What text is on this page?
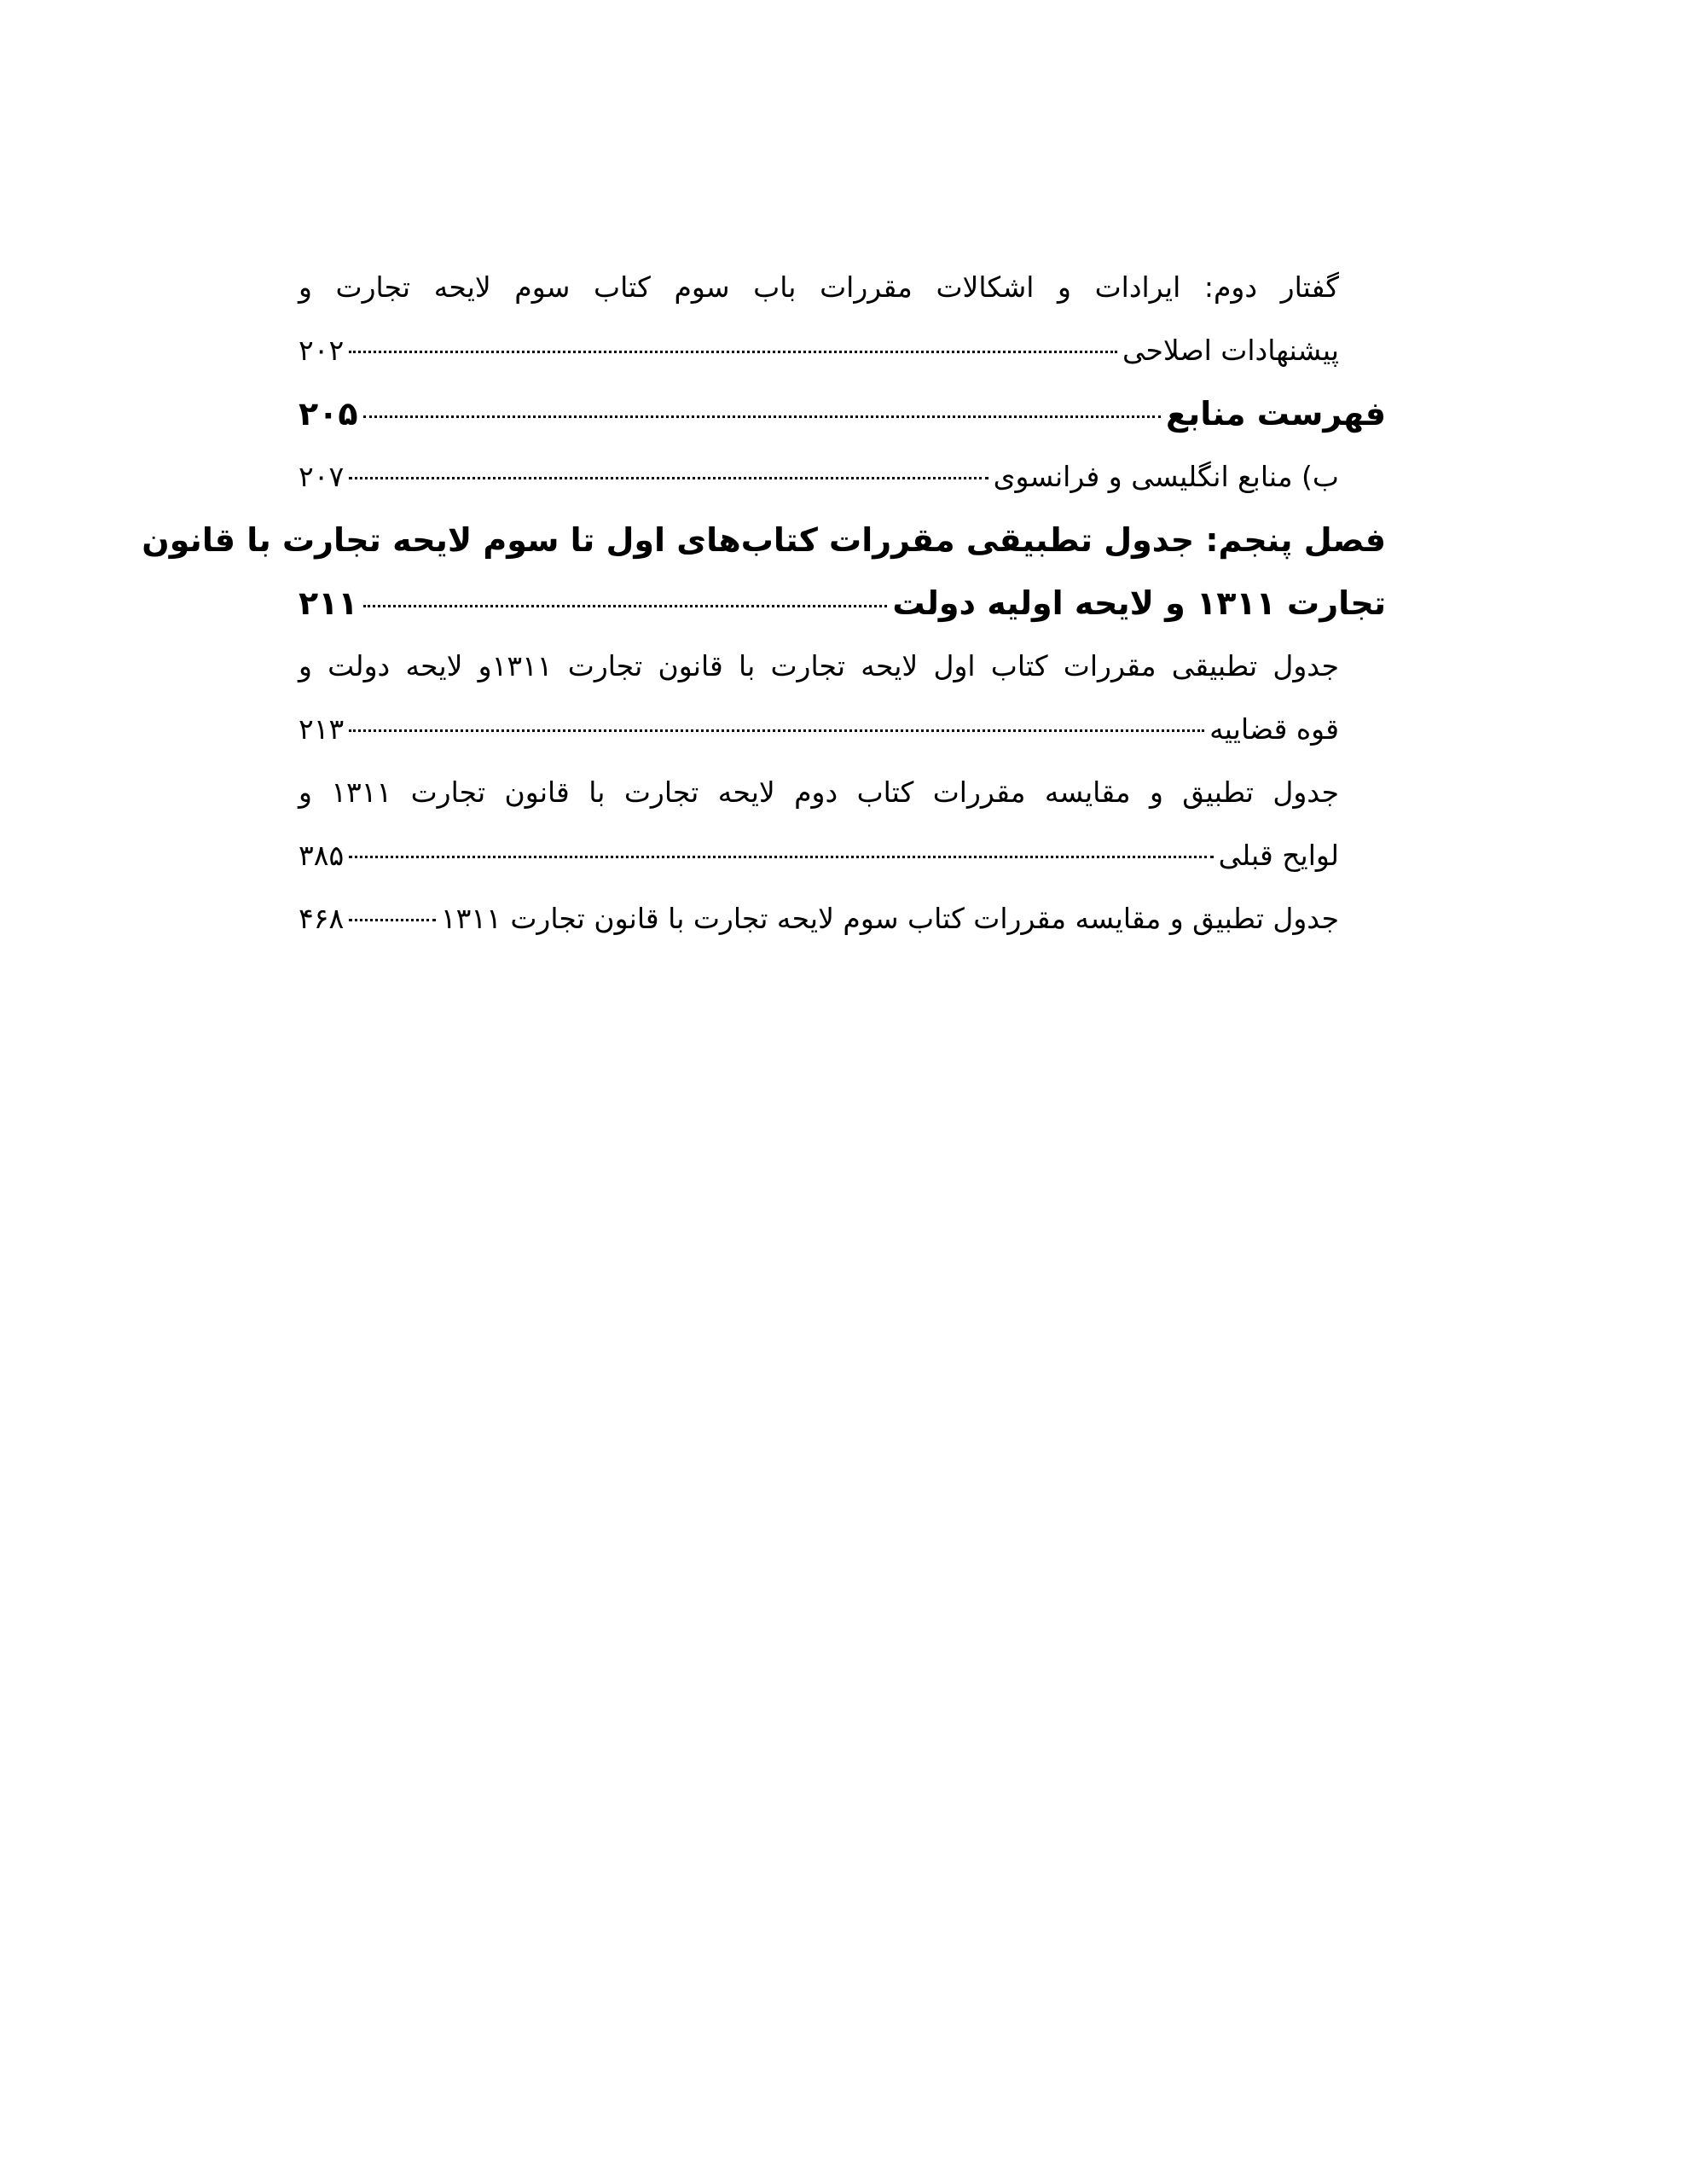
گفتار دوم: ایرادات و اشکالات مقررات باب سوم کتاب سوم لایحه تجارت و
پیشنهادات اصلاحی
۲۰۲
فهرست منابع
۲۰۵
ب) منابع انگلیسی و فرانسوی
۲۰۷
فصل پنجم: جدول تطبیقی مقررات کتاب‌های اول تا سوم لایحه تجارت با قانون
تجارت ۱۳۱۱ و لایحه اولیه دولت
۲۱۱
جدول تطبیقی مقررات کتاب اول لایحه تجارت با قانون تجارت ۱۳۱۱و لایحه دولت و
قوه قضاییه
۲۱۳
جدول تطبیق و مقایسه مقررات کتاب دوم لایحه تجارت با قانون تجارت ۱۳۱۱ و
لوایح قبلی
۳۸۵
جدول تطبیق و مقایسه مقررات کتاب سوم لایحه تجارت با قانون تجارت ۱۳۱۱
۴۶۸
